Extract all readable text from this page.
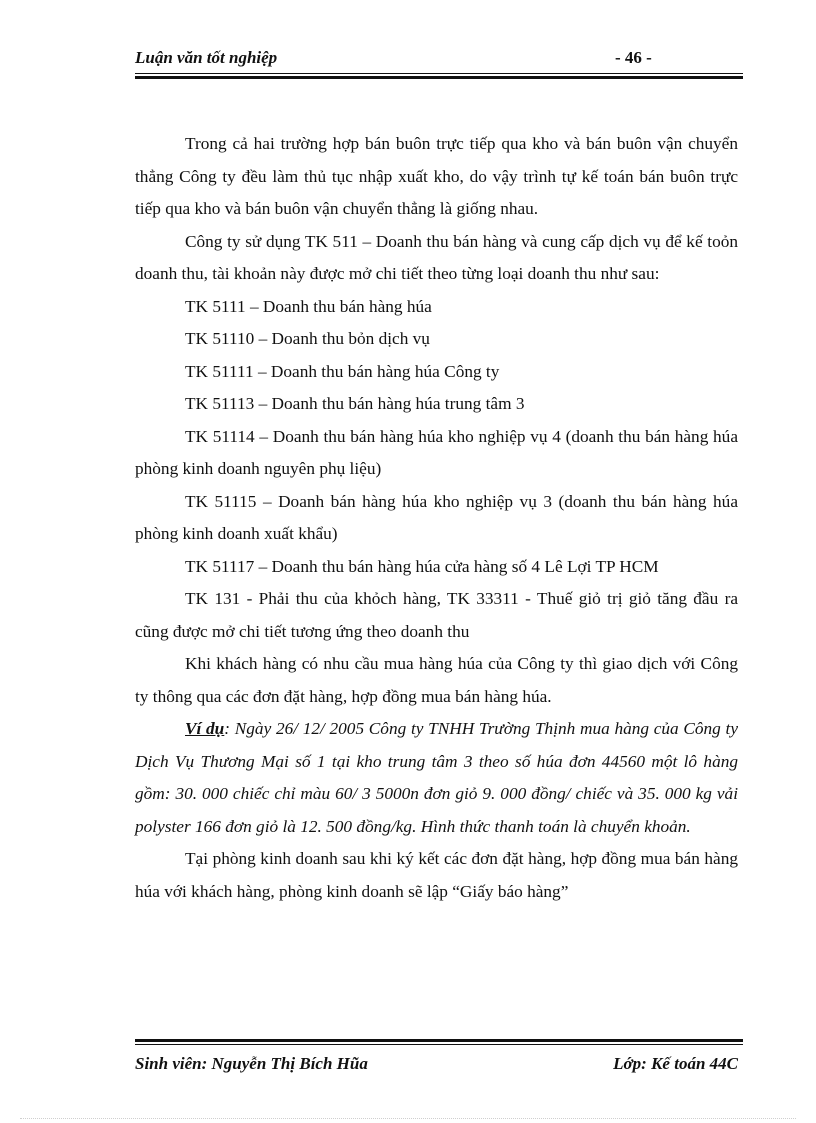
Luận văn tốt nghiệp	- 46 -

Trong cả hai trường hợp bán buôn trực tiếp qua kho và bán buôn vận chuyển thẳng Công ty đều làm thủ tục nhập xuất kho, do vậy trình tự kế toán bán buôn trực tiếp qua kho và bán buôn vận chuyển thẳng là giống nhau.

Công ty sử dụng TK 511 – Doanh thu bán hàng và cung cấp dịch vụ để kế toỏn doanh thu, tài khoản này được mở chi tiết theo từng loại doanh thu như sau:

TK 5111 – Doanh thu bán hàng húa

TK 51110 – Doanh thu bỏn dịch vụ

TK 51111 – Doanh thu bán hàng húa Công ty

TK 51113 – Doanh thu bán hàng húa trung tâm 3

TK 51114 – Doanh thu bán hàng húa kho nghiệp vụ 4 (doanh thu bán hàng húa phòng kinh doanh nguyên phụ liệu)

TK 51115 – Doanh bán hàng húa kho nghiệp vụ 3 (doanh thu bán hàng húa phòng kinh doanh xuất khẩu)

TK 51117 – Doanh thu bán hàng húa cửa hàng số 4 Lê Lợi TP HCM

TK 131 - Phải thu của khỏch hàng, TK 33311 - Thuế giỏ trị giỏ tăng đầu ra cũng được mở chi tiết tương ứng theo doanh thu

Khi khách hàng có nhu cầu mua hàng húa của Công ty thì giao dịch với Công ty thông qua các đơn đặt hàng, hợp đồng mua bán hàng húa.

Ví dụ: Ngày 26/ 12/ 2005 Công ty TNHH Trường Thịnh mua hàng của Công ty Dịch Vụ Thương Mại số 1 tại kho trung tâm 3 theo số húa đơn 44560 một lô hàng gồm: 30. 000 chiếc chỉ màu 60/ 3 5000n đơn giỏ 9. 000 đồng/ chiếc và 35. 000 kg vải polyster 166 đơn giỏ là 12. 500 đồng/kg. Hình thức thanh toán là chuyển khoản.

Tại phòng kinh doanh sau khi ký kết các đơn đặt hàng, hợp đồng mua bán hàng húa với khách hàng, phòng kinh doanh sẽ lập “Giấy báo hàng”

Sinh viên: Nguyễn Thị Bích Hũa	Lớp: Kế toán 44C
